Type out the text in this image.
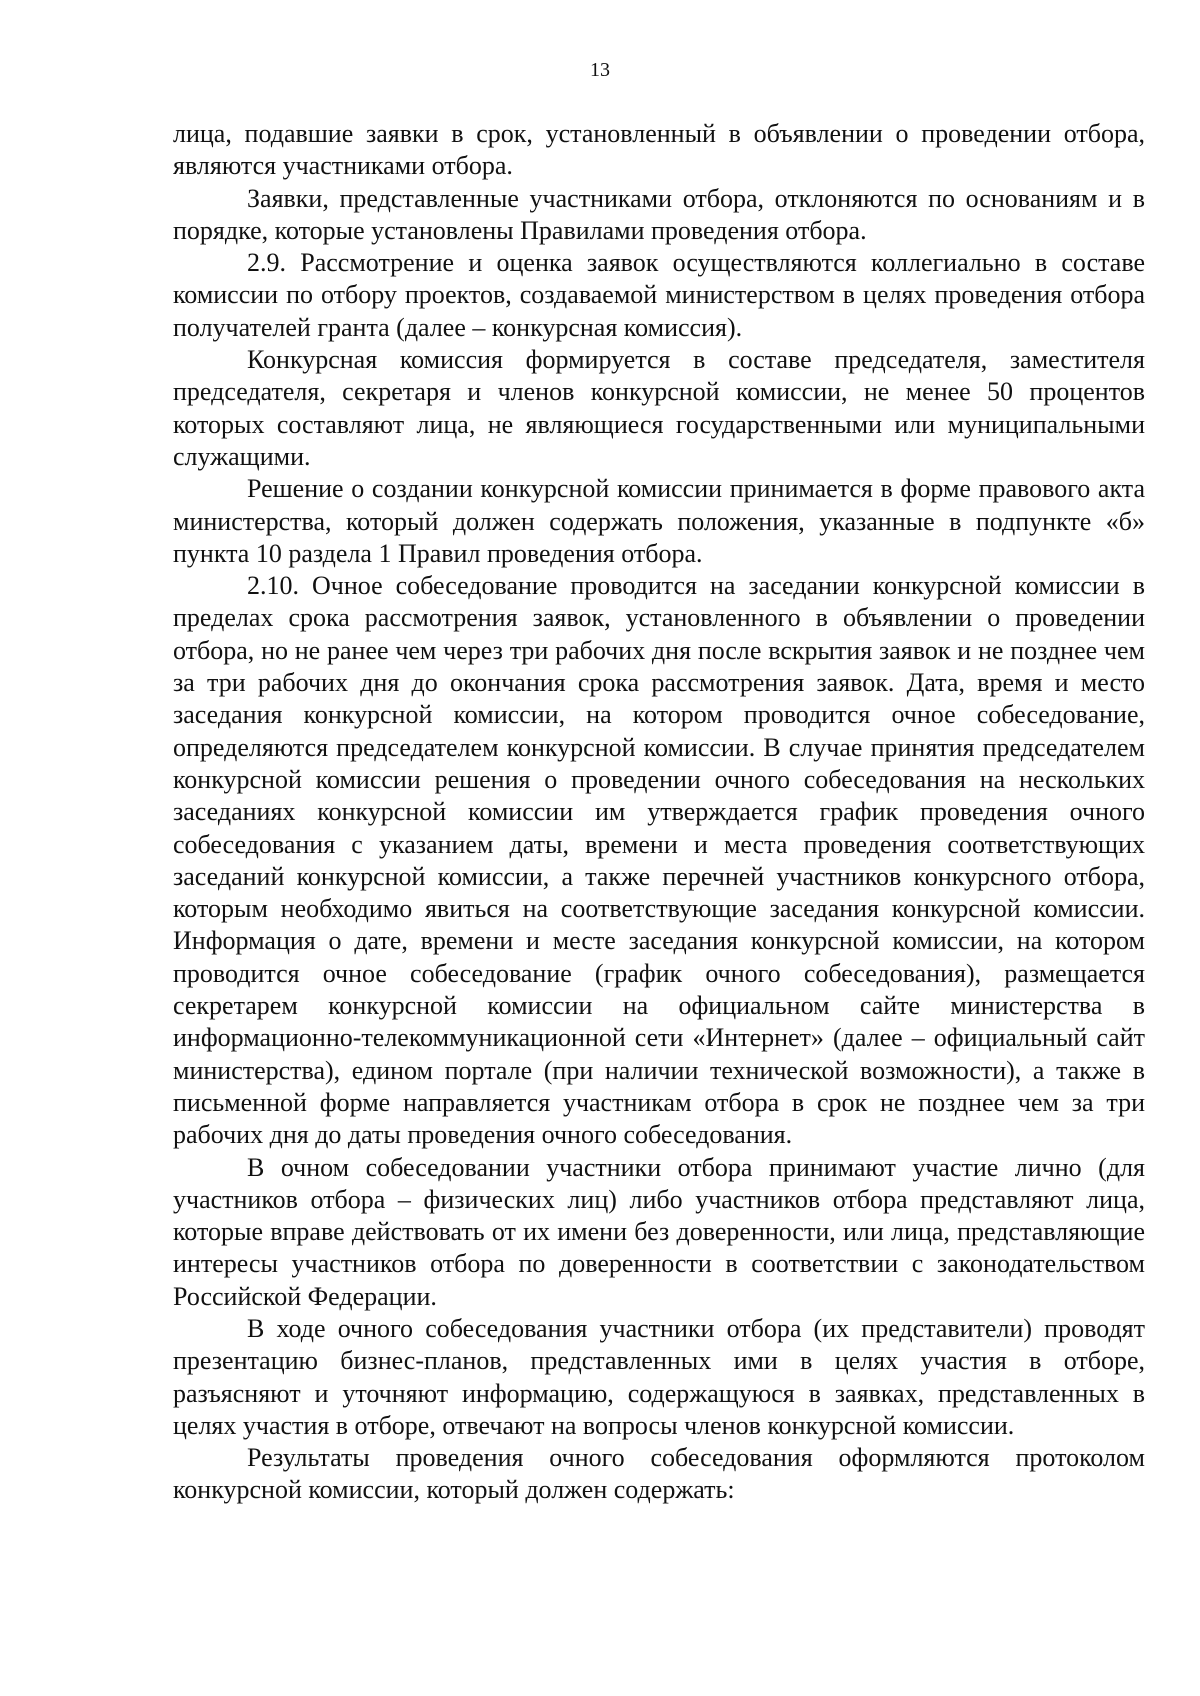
13

лица, подавшие заявки в срок, установленный в объявлении о проведении отбора, являются участниками отбора.

Заявки, представленные участниками отбора, отклоняются по основаниям и в порядке, которые установлены Правилами проведения отбора.

2.9. Рассмотрение и оценка заявок осуществляются коллегиально в составе комиссии по отбору проектов, создаваемой министерством в целях проведения отбора получателей гранта (далее – конкурсная комиссия).

Конкурсная комиссия формируется в составе председателя, заместителя председателя, секретаря и членов конкурсной комиссии, не менее 50 процентов которых составляют лица, не являющиеся государственными или муниципальными служащими.

Решение о создании конкурсной комиссии принимается в форме правового акта министерства, который должен содержать положения, указанные в подпункте «б» пункта 10 раздела 1 Правил проведения отбора.

2.10. Очное собеседование проводится на заседании конкурсной комиссии в пределах срока рассмотрения заявок, установленного в объявлении о проведении отбора, но не ранее чем через три рабочих дня после вскрытия заявок и не позднее чем за три рабочих дня до окончания срока рассмотрения заявок. Дата, время и место заседания конкурсной комиссии, на котором проводится очное собеседование, определяются председателем конкурсной комиссии. В случае принятия председателем конкурсной комиссии решения о проведении очного собеседования на нескольких заседаниях конкурсной комиссии им утверждается график проведения очного собеседования с указанием даты, времени и места проведения соответствующих заседаний конкурсной комиссии, а также перечней участников конкурсного отбора, которым необходимо явиться на соответствующие заседания конкурсной комиссии. Информация о дате, времени и месте заседания конкурсной комиссии, на котором проводится очное собеседование (график очного собеседования), размещается секретарем конкурсной комиссии на официальном сайте министерства в информационно-телекоммуникационной сети «Интернет» (далее – официальный сайт министерства), едином портале (при наличии технической возможности), а также в письменной форме направляется участникам отбора в срок не позднее чем за три рабочих дня до даты проведения очного собеседования.

В очном собеседовании участники отбора принимают участие лично (для участников отбора – физических лиц) либо участников отбора представляют лица, которые вправе действовать от их имени без доверенности, или лица, представляющие интересы участников отбора по доверенности в соответствии с законодательством Российской Федерации.

В ходе очного собеседования участники отбора (их представители) проводят презентацию бизнес-планов, представленных ими в целях участия в отборе, разъясняют и уточняют информацию, содержащуюся в заявках, представленных в целях участия в отборе, отвечают на вопросы членов конкурсной комиссии.

Результаты проведения очного собеседования оформляются протоколом конкурсной комиссии, который должен содержать:
